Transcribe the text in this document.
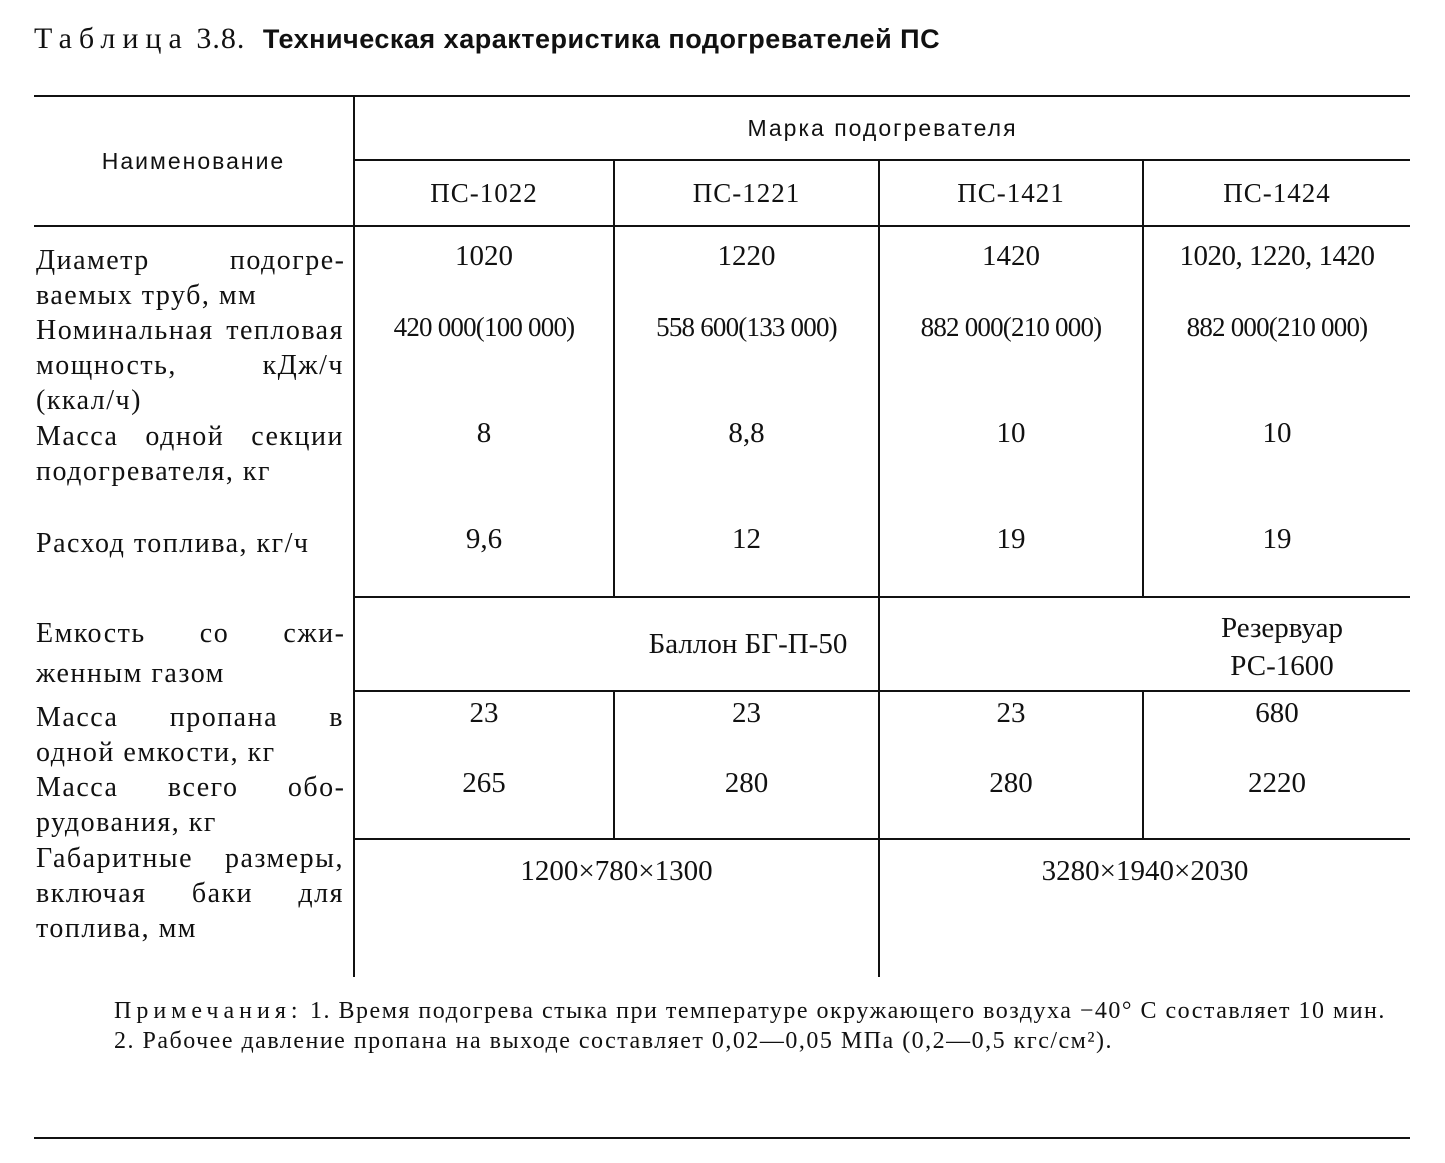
Таблица 3.8. Техническая характеристика подогревателей ПС
Наименование
Марка подогревателя
ПС-1022	ПС-1221	ПС-1421	ПС-1424
Диаметр подогреваемых труб, мм
1020	1220	1420	1020, 1220, 1420
Номинальная тепловая мощность, кДж/ч (ккал/ч)
420 000(100 000)	558 600(133 000)	882 000(210 000)	882 000(210 000)
Масса одной секции подогревателя, кг
8	8,8	10	10
Расход топлива, кг/ч	9,6	12	19	19
Емкость со сжиженным газом
Баллон БГ-П-50	Резервуар РС-1600
Масса пропана в одной емкости, кг
23	23	23	680
Масса всего оборудования, кг
265	280	280	2220
Габаритные размеры, включая баки для топлива, мм
1200×780×1300	3280×1940×2030

Примечания: 1. Время подогрева стыка при температуре окружающего воздуха −40° С составляет 10 мин.

2. Рабочее давление пропана на выходе составляет 0,02—0,05 МПа (0,2—0,5 кгс/см²).
